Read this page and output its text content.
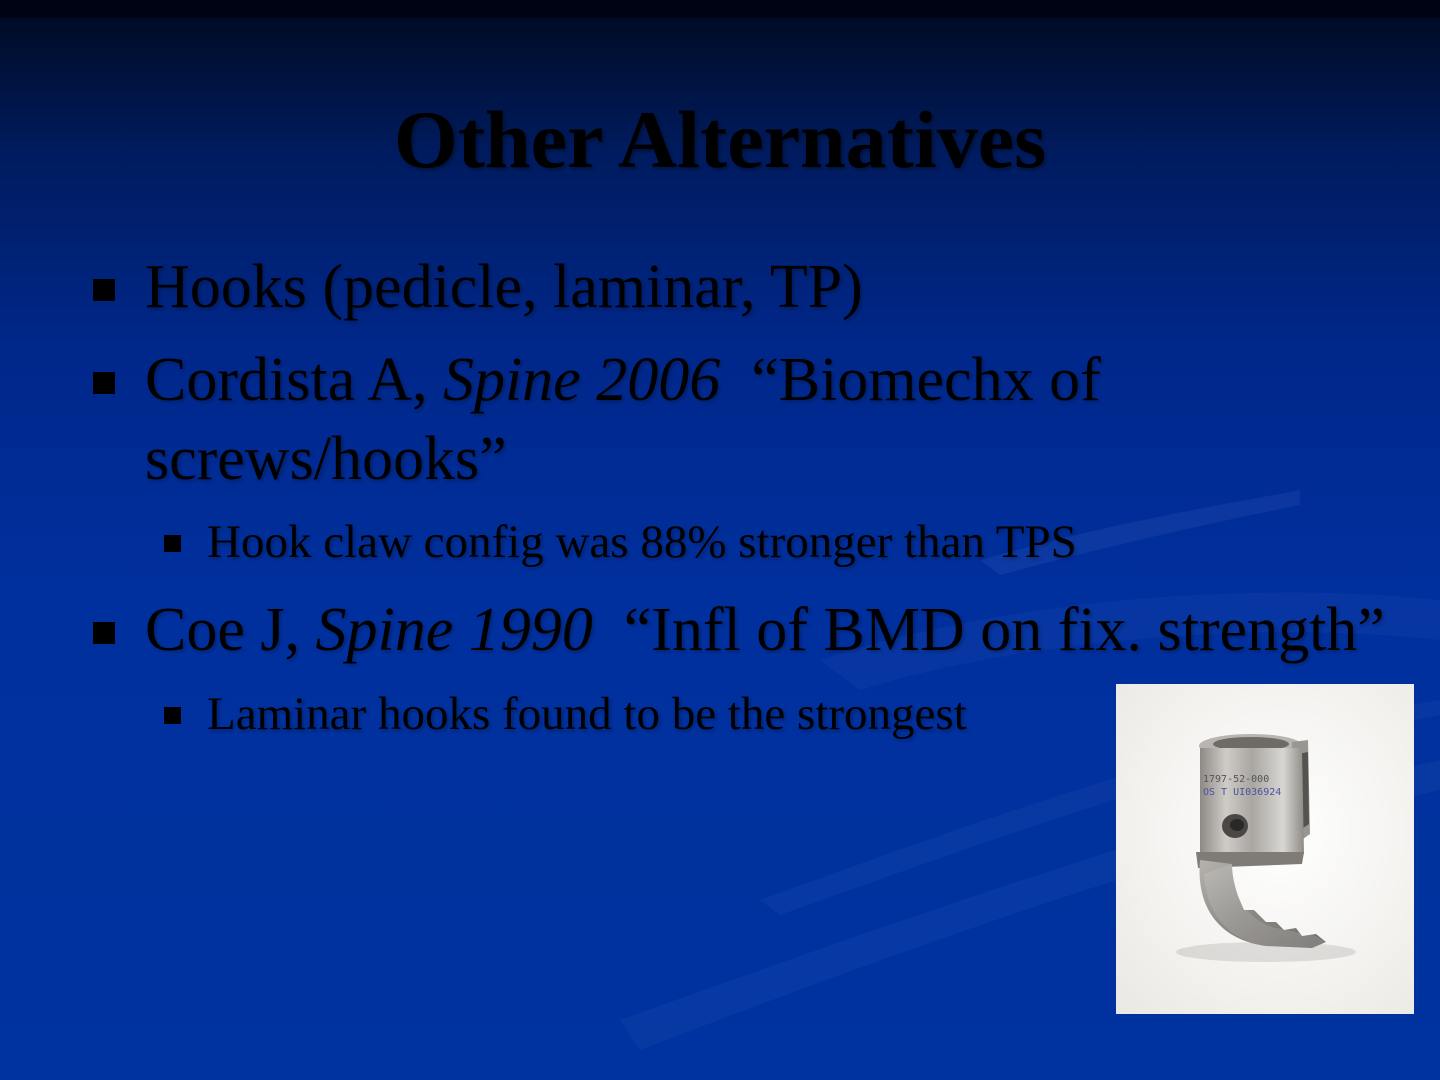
Other Alternatives
Hooks (pedicle, laminar, TP)
Cordista A, Spine 2006  “Biomechx of
screws/hooks”
Hook claw config was 88% stronger than TPS
Coe J, Spine 1990  “Infl of BMD on fix. strength”
Laminar hooks found to be the strongest
1797-52-000
OS T UI036924
